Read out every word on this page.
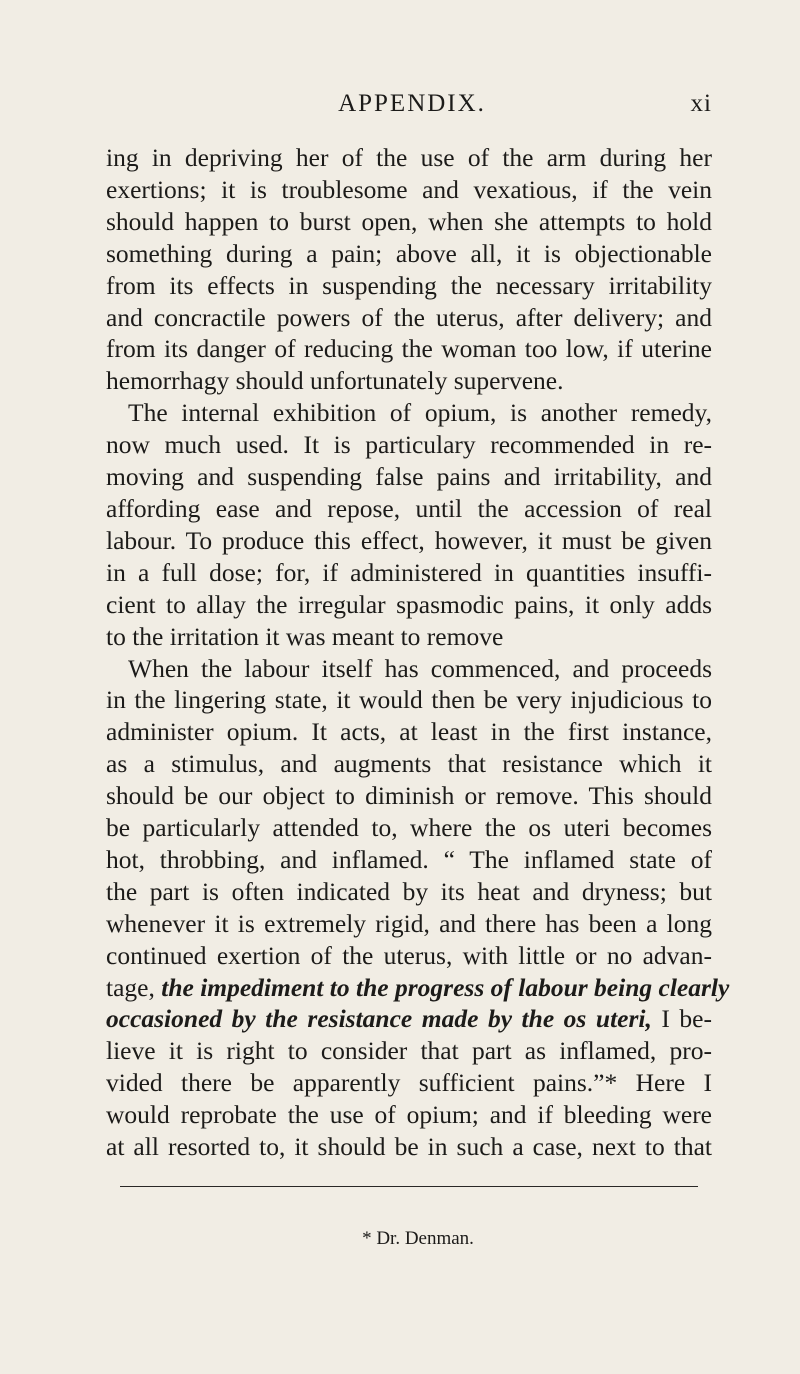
APPENDIX.	xi
ing in depriving her of the use of the arm during her
exertions; it is troublesome and vexatious, if the vein
should happen to burst open, when she attempts to hold
something during a pain; above all, it is objectionable
from its effects in suspending the necessary irritability
and concractile powers of the uterus, after delivery; and
from its danger of reducing the woman too low, if uterine
hemorrhagy should unfortunately supervene.
The internal exhibition of opium, is another remedy,
now much used. It is particulary recommended in re-
moving and suspending false pains and irritability, and
affording ease and repose, until the accession of real
labour. To produce this effect, however, it must be given
in a full dose; for, if administered in quantities insuffi-
cient to allay the irregular spasmodic pains, it only adds
to the irritation it was meant to remove
When the labour itself has commenced, and proceeds
in the lingering state, it would then be very injudicious to
administer opium. It acts, at least in the first instance,
as a stimulus, and augments that resistance which it
should be our object to diminish or remove. This should
be particularly attended to, where the os uteri becomes
hot, throbbing, and inflamed. “ The inflamed state of
the part is often indicated by its heat and dryness; but
whenever it is extremely rigid, and there has been a long
continued exertion of the uterus, with little or no advan-
tage, the impediment to the progress of labour being clearly
occasioned by the resistance made by the os uteri, I be-
lieve it is right to consider that part as inflamed, pro-
vided there be apparently sufficient pains.”* Here I
would reprobate the use of opium; and if bleeding were
at all resorted to, it should be in such a case, next to that
* Dr. Denman.
